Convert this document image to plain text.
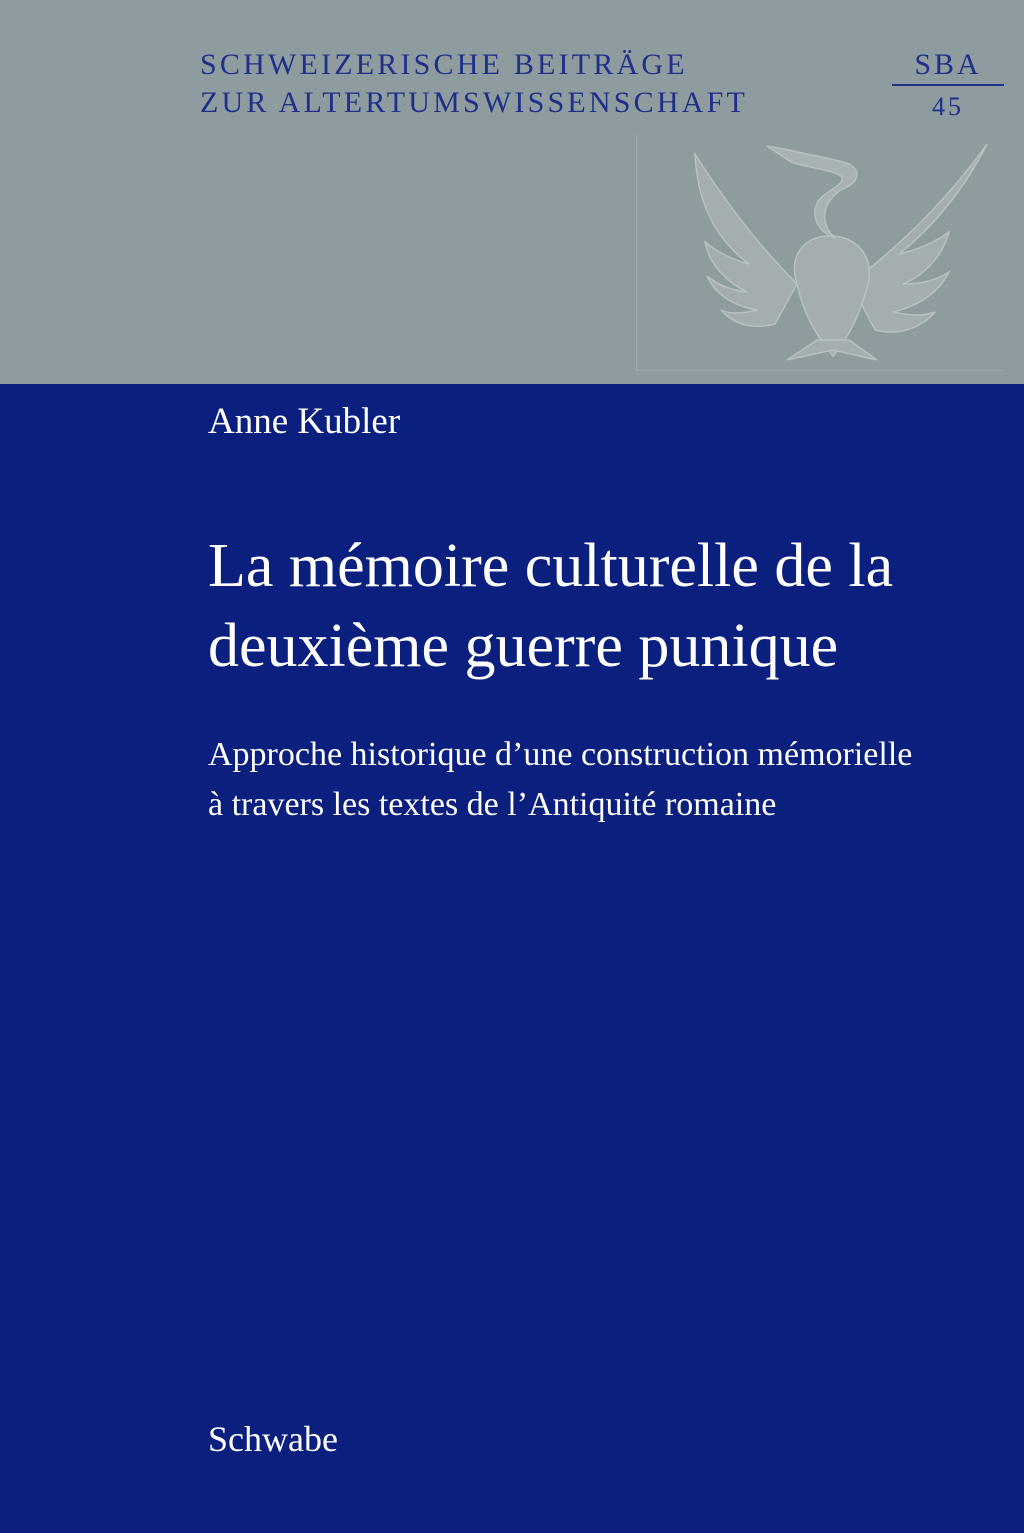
SCHWEIZERISCHE BEITRÄGE
ZUR ALTERTUMSWISSENSCHAFT
SBA
45
Anne Kubler
La mémoire culturelle de la
deuxième guerre punique
Approche historique d’une construction mémorielle
à travers les textes de l’Antiquité romaine
Schwabe
